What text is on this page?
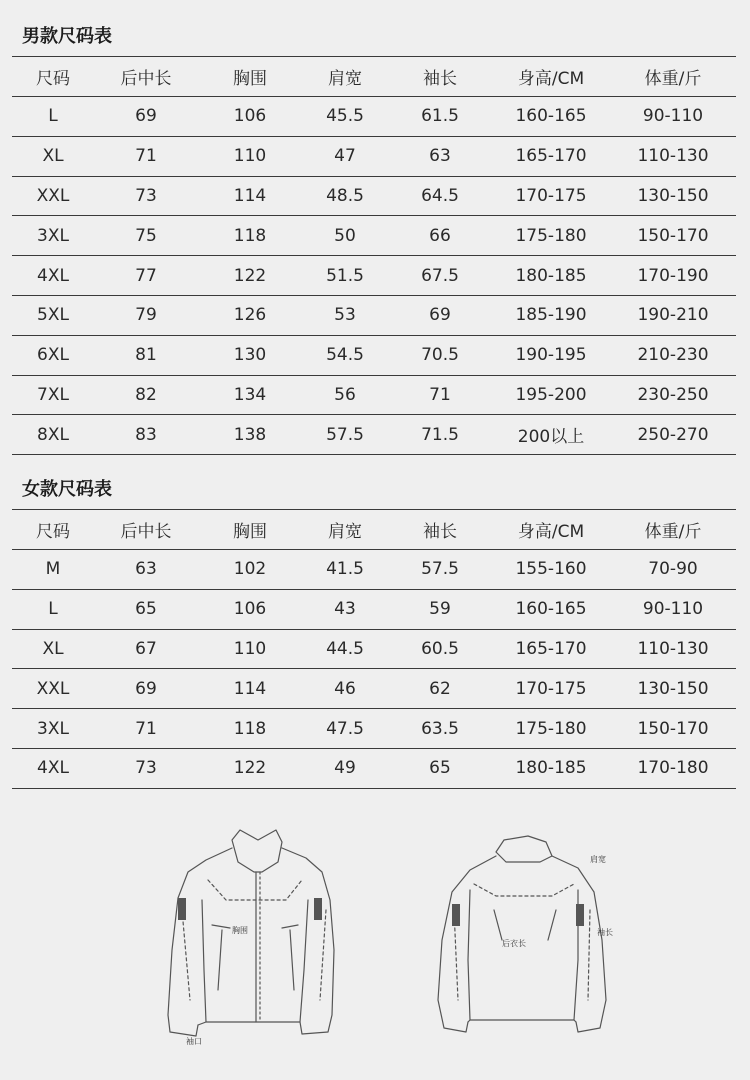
男款尺码表
尺码	后中长	胸围	肩宽	袖长	身高/CM	体重/斤
L	69	106	45.5	61.5	160-165	90-110
XL	71	110	47	63	165-170	110-130
XXL	73	114	48.5	64.5	170-175	130-150
3XL	75	118	50	66	175-180	150-170
4XL	77	122	51.5	67.5	180-185	170-190
5XL	79	126	53	69	185-190	190-210
6XL	81	130	54.5	70.5	190-195	210-230
7XL	82	134	56	71	195-200	230-250
8XL	83	138	57.5	71.5	200以上	250-270
女款尺码表
尺码	后中长	胸围	肩宽	袖长	身高/CM	体重/斤
M	63	102	41.5	57.5	155-160	70-90
L	65	106	43	59	160-165	90-110
XL	67	110	44.5	60.5	165-170	110-130
XXL	69	114	46	62	170-175	130-150
3XL	71	118	47.5	63.5	175-180	150-170
4XL	73	122	49	65	180-185	170-180
胸围
袖口
后衣长
肩宽
袖长
